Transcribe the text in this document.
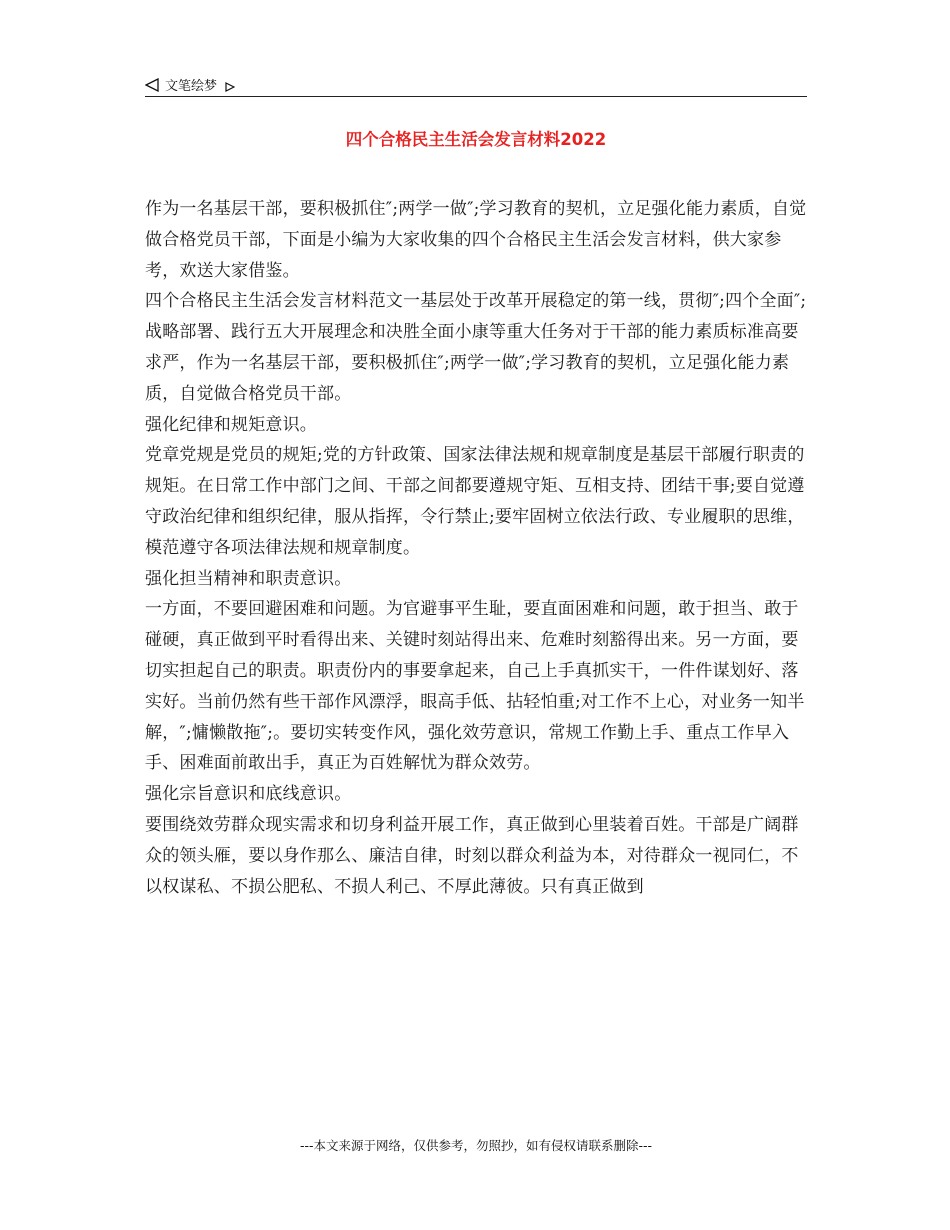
文笔绘梦
四个合格民主生活会发言材料2022

作为一名基层干部，要积极抓住″;两学一做″;学习教育的契机，立足强化能力素质，自觉做合格党员干部，下面是小编为大家收集的四个合格民主生活会发言材料，供大家参考，欢送大家借鉴。

四个合格民主生活会发言材料范文一基层处于改革开展稳定的第一线，贯彻″;四个全面″;战略部署、践行五大开展理念和决胜全面小康等重大任务对于干部的能力素质标准高要求严，作为一名基层干部，要积极抓住″;两学一做″;学习教育的契机，立足强化能力素质，自觉做合格党员干部。

强化纪律和规矩意识。

党章党规是党员的规矩;党的方针政策、国家法律法规和规章制度是基层干部履行职责的规矩。在日常工作中部门之间、干部之间都要遵规守矩、互相支持、团结干事;要自觉遵守政治纪律和组织纪律，服从指挥，令行禁止;要牢固树立依法行政、专业履职的思维，模范遵守各项法律法规和规章制度。

强化担当精神和职责意识。

一方面，不要回避困难和问题。为官避事平生耻，要直面困难和问题，敢于担当、敢于碰硬，真正做到平时看得出来、关键时刻站得出来、危难时刻豁得出来。另一方面，要切实担起自己的职责。职责份内的事要拿起来，自己上手真抓实干，一件件谋划好、落实好。当前仍然有些干部作风漂浮，眼高手低、拈轻怕重;对工作不上心，对业务一知半解，″;慵懒散拖″;。要切实转变作风，强化效劳意识，常规工作勤上手、重点工作早入手、困难面前敢出手，真正为百姓解忧为群众效劳。

强化宗旨意识和底线意识。

要围绕效劳群众现实需求和切身利益开展工作，真正做到心里装着百姓。干部是广阔群众的领头雁，要以身作那么、廉洁自律，时刻以群众利益为本，对待群众一视同仁，不以权谋私、不损公肥私、不损人利己、不厚此薄彼。只有真正做到

---本文来源于网络，仅供参考，勿照抄，如有侵权请联系删除---
